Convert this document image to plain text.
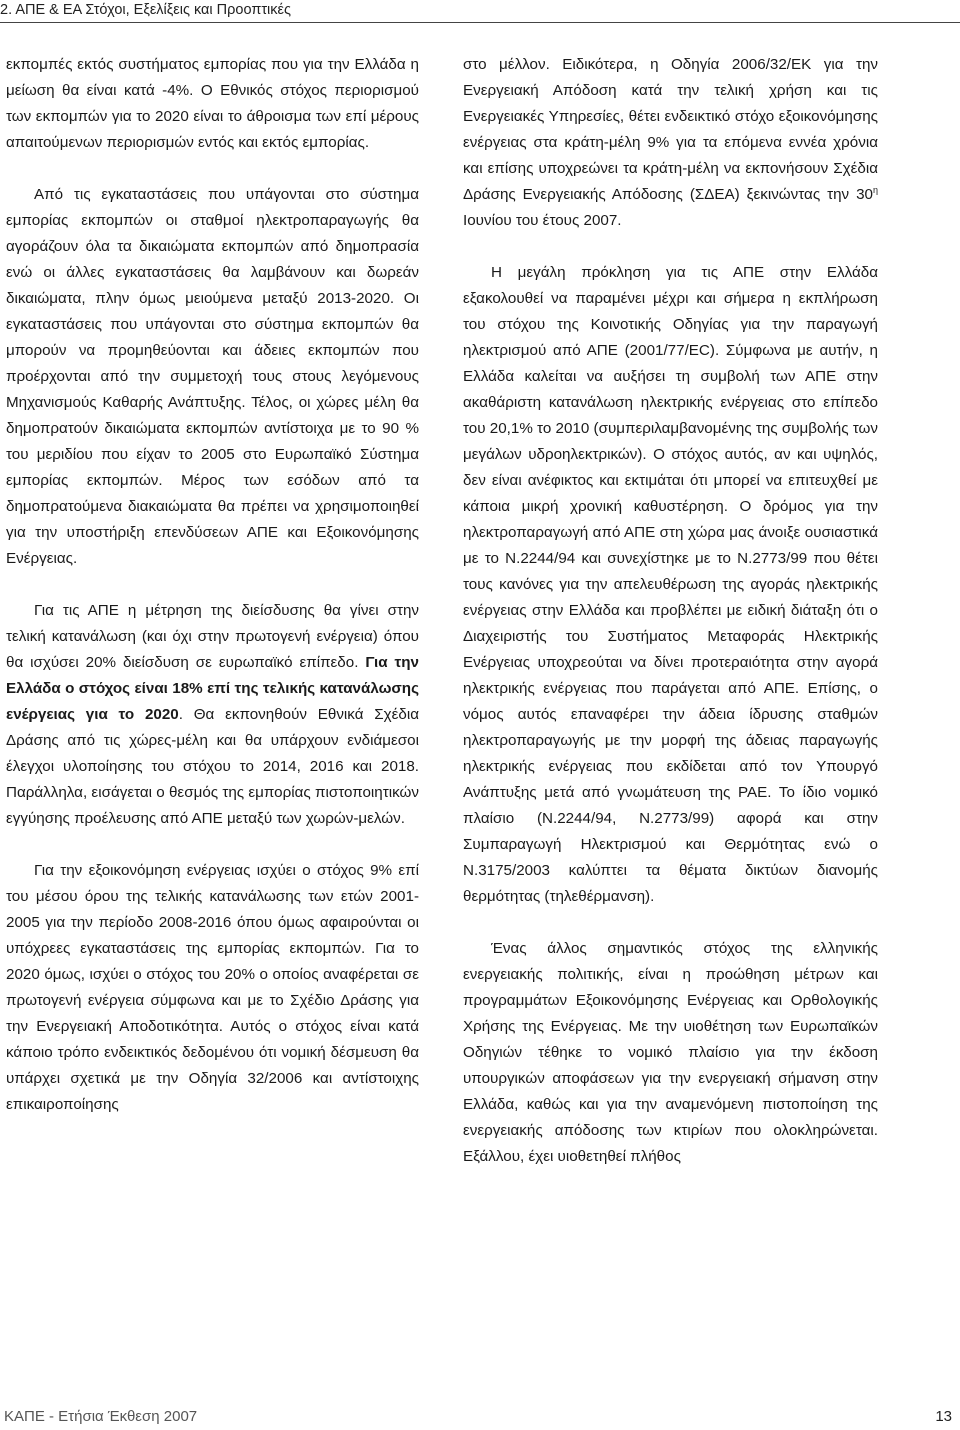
2. ΑΠΕ & ΕΑ Στόχοι, Εξελίξεις και Προοπτικές

εκπομπές εκτός συστήματος εμπορίας που για την Ελλάδα η μείωση θα είναι κατά -4%. Ο Εθνικός στόχος περιορισμού των εκπομπών για το 2020 είναι το άθροισμα των επί μέρους απαιτούμενων περιορισμών εντός και εκτός εμπορίας.

Από τις εγκαταστάσεις που υπάγονται στο σύστημα εμπορίας εκπομπών οι σταθμοί ηλεκτροπαραγωγής θα αγοράζουν όλα τα δικαιώματα εκπομπών από δημοπρασία ενώ οι άλλες εγκαταστάσεις θα λαμβάνουν και δωρεάν δικαιώματα, πλην όμως μειούμενα μεταξύ 2013-2020. Οι εγκαταστάσεις που υπάγονται στο σύστημα εκπομπών θα μπορούν να προμηθεύονται και άδειες εκπομπών που προέρχονται από την συμμετοχή τους στους λεγόμενους Μηχανισμούς Καθαρής Ανάπτυξης. Τέλος, οι χώρες μέλη θα δημοπρατούν δικαιώματα εκπομπών αντίστοιχα με το 90 % του μεριδίου που είχαν το 2005 στο Ευρωπαϊκό Σύστημα εμπορίας εκπομπών. Μέρος των εσόδων από τα δημοπρατούμενα διακαιώματα θα πρέπει να χρησιμοποιηθεί για την υποστήριξη επενδύσεων ΑΠΕ και Εξοικονόμησης Ενέργειας.

Για τις ΑΠΕ η μέτρηση της διείσδυσης θα γίνει στην τελική κατανάλωση (και όχι στην πρωτογενή ενέργεια) όπου θα ισχύσει 20% διείσδυση σε ευρωπαϊκό επίπεδο. Για την Ελλάδα ο στόχος είναι 18% επί της τελικής κατανάλωσης ενέργειας για το 2020. Θα εκπονηθούν Εθνικά Σχέδια Δράσης από τις χώρες-μέλη και θα υπάρχουν ενδιάμεσοι έλεγχοι υλοποίησης του στόχου το 2014, 2016 και 2018. Παράλληλα, εισάγεται ο θεσμός της εμπορίας πιστοποιητικών εγγύησης προέλευσης από ΑΠΕ μεταξύ των χωρών-μελών.

Για την εξοικονόμηση ενέργειας ισχύει ο στόχος 9% επί του μέσου όρου της τελικής κατανάλωσης των ετών 2001-2005 για την περίοδο 2008-2016 όπου όμως αφαιρούνται οι υπόχρεες εγκαταστάσεις της εμπορίας εκπομπών. Για το 2020 όμως, ισχύει ο στόχος του 20% ο οποίος αναφέρεται σε πρωτογενή ενέργεια σύμφωνα και με το Σχέδιο Δράσης για την Ενεργειακή Αποδοτικότητα. Αυτός ο στόχος είναι κατά κάποιο τρόπο ενδεικτικός δεδομένου ότι νομική δέσμευση θα υπάρχει σχετικά με την Οδηγία 32/2006 και αντίστοιχης επικαιροποίησης

στο μέλλον. Ειδικότερα, η Οδηγία 2006/32/ΕΚ για την Ενεργειακή Απόδοση κατά την τελική χρήση και τις Ενεργειακές Υπηρεσίες, θέτει ενδεικτικό στόχο εξοικονόμησης ενέργειας στα κράτη-μέλη 9% για τα επόμενα εννέα χρόνια και επίσης υποχρεώνει τα κράτη-μέλη να εκπονήσουν Σχέδια Δράσης Ενεργειακής Απόδοσης (ΣΔΕΑ) ξεκινώντας την $30^\eta$ Ιουνίου του έτους 2007.

Η μεγάλη πρόκληση για τις ΑΠΕ στην Ελλάδα εξακολουθεί να παραμένει μέχρι και σήμερα η εκπλήρωση του στόχου της Κοινοτικής Οδηγίας για την παραγωγή ηλεκτρισμού από ΑΠΕ (2001/77/ΕC). Σύμφωνα με αυτήν, η Ελλάδα καλείται να αυξήσει τη συμβολή των ΑΠΕ στην ακαθάριστη κατανάλωση ηλεκτρικής ενέργειας στο επίπεδο του 20,1% το 2010 (συμπεριλαμβανομένης της συμβολής των μεγάλων υδροηλεκτρικών). Ο στόχος αυτός, αν και υψηλός, δεν είναι ανέφικτος και εκτιμάται ότι μπορεί να επιτευχθεί με κάποια μικρή χρονική καθυστέρηση. Ο δρόμος για την ηλεκτροπαραγωγή από ΑΠΕ στη χώρα μας άνοιξε ουσιαστικά με το Ν.2244/94 και συνεχίστηκε με το Ν.2773/99 που θέτει τους κανόνες για την απελευθέρωση της αγοράς ηλεκτρικής ενέργειας στην Ελλάδα και προβλέπει με ειδική διάταξη ότι ο Διαχειριστής του Συστήματος Μεταφοράς Ηλεκτρικής Ενέργειας υποχρεούται να δίνει προτεραιότητα στην αγορά ηλεκτρικής ενέργειας που παράγεται από ΑΠΕ. Επίσης, ο νόμος αυτός επαναφέρει την άδεια ίδρυσης σταθμών ηλεκτροπαραγωγής με την μορφή της άδειας παραγωγής ηλεκτρικής ενέργειας που εκδίδεται από τον Υπουργό Ανάπτυξης μετά από γνωμάτευση της ΡΑΕ. Το ίδιο νομικό πλαίσιο (Ν.2244/94, Ν.2773/99) αφορά και στην Συμπαραγωγή Ηλεκτρισμού και Θερμότητας ενώ ο Ν.3175/2003 καλύπτει τα θέματα δικτύων διανομής θερμότητας (τηλεθέρμανση).

Ένας άλλος σημαντικός στόχος της ελληνικής ενεργειακής πολιτικής, είναι η προώθηση μέτρων και προγραμμάτων Εξοικονόμησης Ενέργειας και Ορθολογικής Χρήσης της Ενέργειας. Με την υιοθέτηση των Ευρωπαϊκών Οδηγιών τέθηκε το νομικό πλαίσιο για την έκδοση υπουργικών αποφάσεων για την ενεργειακή σήμανση στην Ελλάδα, καθώς και για την αναμενόμενη πιστοποίηση της ενεργειακής απόδοσης των κτιρίων που ολοκληρώνεται. Εξάλλου, έχει υιοθετηθεί πλήθος

ΚΑΠΕ - Ετήσια Έκθεση 2007	13
